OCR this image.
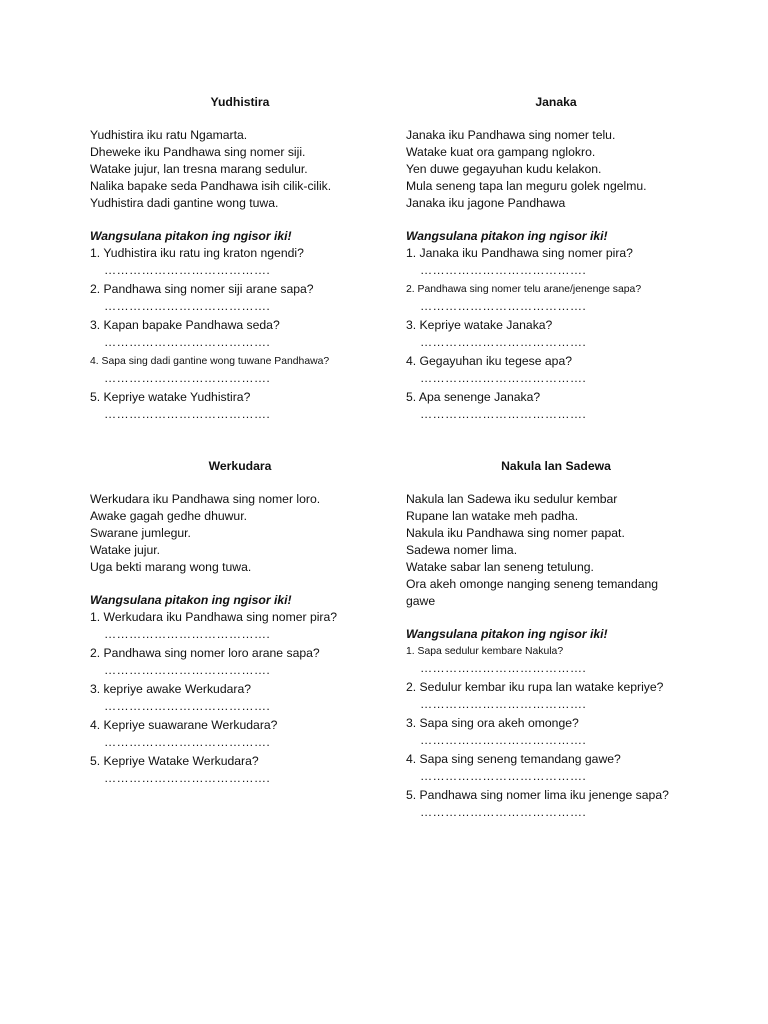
Yudhistira
Yudhistira iku ratu Ngamarta.
Dheweke iku Pandhawa sing nomer siji.
Watake jujur, lan tresna marang sedulur.
Nalika bapake seda Pandhawa isih cilik-cilik.
Yudhistira dadi gantine wong tuwa.
Wangsulana pitakon ing ngisor iki!
1. Yudhistira iku ratu ing kraton ngendi?
………………………………….
2. Pandhawa sing nomer siji arane sapa?
………………………………….
3. Kapan bapake Pandhawa seda?
………………………………….
4. Sapa sing dadi gantine wong tuwane Pandhawa?
………………………………….
5. Kepriye watake Yudhistira?
………………………………….
Janaka
Janaka iku Pandhawa sing nomer telu.
Watake kuat ora gampang nglokro.
Yen duwe gegayuhan kudu kelakon.
Mula seneng tapa lan meguru golek ngelmu.
Janaka iku jagone Pandhawa
Wangsulana pitakon ing ngisor iki!
1. Janaka iku Pandhawa sing nomer pira?
………………………………….
2. Pandhawa sing nomer telu arane/jenenge sapa?
………………………………….
3. Kepriye watake Janaka?
………………………………….
4. Gegayuhan iku tegese apa?
………………………………….
5. Apa senenge Janaka?
………………………………….
Werkudara
Werkudara iku Pandhawa sing nomer loro.
Awake gagah gedhe dhuwur.
Swarane jumlegur.
Watake jujur.
Uga bekti marang wong tuwa.
Wangsulana pitakon ing ngisor iki!
1. Werkudara iku Pandhawa sing nomer pira?
………………………………….
2. Pandhawa sing nomer loro arane sapa?
………………………………….
3. kepriye awake Werkudara?
………………………………….
4. Kepriye suawarane Werkudara?
………………………………….
5. Kepriye Watake Werkudara?
………………………………….
Nakula lan Sadewa
Nakula lan Sadewa iku sedulur kembar
Rupane lan watake meh padha.
Nakula iku Pandhawa sing nomer papat.
Sadewa nomer lima.
Watake sabar lan seneng tetulung.
Ora akeh omonge nanging seneng temandang
gawe
Wangsulana pitakon ing ngisor iki!
1. Sapa sedulur kembare Nakula?
………………………………….
2. Sedulur kembar iku rupa lan watake kepriye?
………………………………….
3. Sapa sing ora akeh omonge?
………………………………….
4. Sapa sing seneng temandang gawe?
………………………………….
5. Pandhawa sing nomer lima iku jenenge sapa?
………………………………….
